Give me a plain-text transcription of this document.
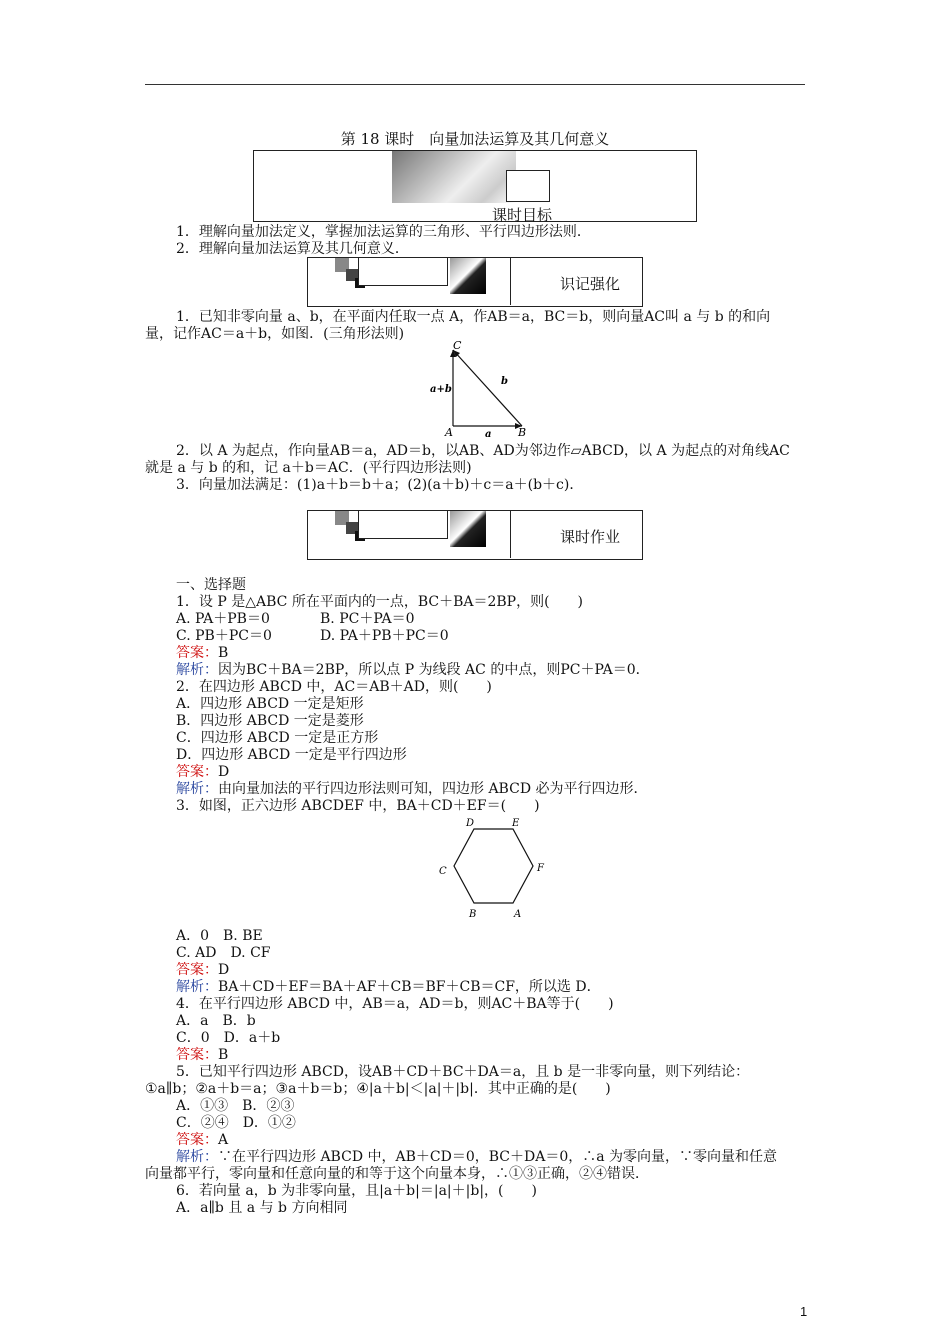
第 18 课时　向量加法运算及其几何意义
课时目标
1．理解向量加法定义，掌握加法运算的三角形、平行四边形法则．
2．理解向量加法运算及其几何意义．
识记强化
1．已知非零向量 a、b，在平面内任取一点 A，作AB＝a，BC＝b，则向量AC叫 a 与 b 的和向
量，记作AC＝a＋b，如图．(三角形法则)
C
A	B
a
b
a+b
2．以 A 为起点，作向量AB＝a，AD＝b，以AB、AD为邻边作▱ABCD，以 A 为起点的对角线AC
就是 a 与 b 的和，记 a＋b＝AC．(平行四边形法则)
3．向量加法满足：(1)a＋b＝b＋a；(2)(a＋b)＋c＝a＋(b＋c)．
课时作业
一、选择题
1．设 P 是△ABC 所在平面内的一点，BC＋BA＝2BP，则(　　)
A. PA＋PB＝0	B. PC＋PA＝0
C. PB＋PC＝0	D. PA＋PB＋PC＝0
答案：B
解析：因为BC＋BA＝2BP，所以点 P 为线段 AC 的中点，则PC＋PA＝0．
2．在四边形 ABCD 中，AC＝AB＋AD，则(　　)
A．四边形 ABCD 一定是矩形
B．四边形 ABCD 一定是菱形
C．四边形 ABCD 一定是正方形
D．四边形 ABCD 一定是平行四边形
答案：D
解析：由向量加法的平行四边形法则可知，四边形 ABCD 必为平行四边形．
3．如图，正六边形 ABCDEF 中，BA＋CD＋EF＝(　　)
D	E
F
A
B
C
A．0　B. BE
C. AD　D. CF
答案：D
解析：BA＋CD＋EF＝BA＋AF＋CB＝BF＋CB＝CF，所以选 D．
4．在平行四边形 ABCD 中，AB＝a，AD＝b，则AC＋BA等于(　　)
A．a　B．b
C．0　D．a＋b
答案：B
5．已知平行四边形 ABCD，设AB＋CD＋BC＋DA＝a，且 b 是一非零向量，则下列结论：
①a∥b；②a＋b＝a；③a＋b＝b；④|a＋b|＜|a|＋|b|．其中正确的是(　　)
A．①③　B．②③
C．②④　D．①②
答案：A
解析：∵在平行四边形 ABCD 中，AB＋CD＝0，BC＋DA＝0，∴a 为零向量，∵零向量和任意
向量都平行，零向量和任意向量的和等于这个向量本身，∴①③正确，②④错误．
6．若向量 a，b 为非零向量，且|a＋b|＝|a|＋|b|，(　　)
A．a∥b 且 a 与 b 方向相同
1
